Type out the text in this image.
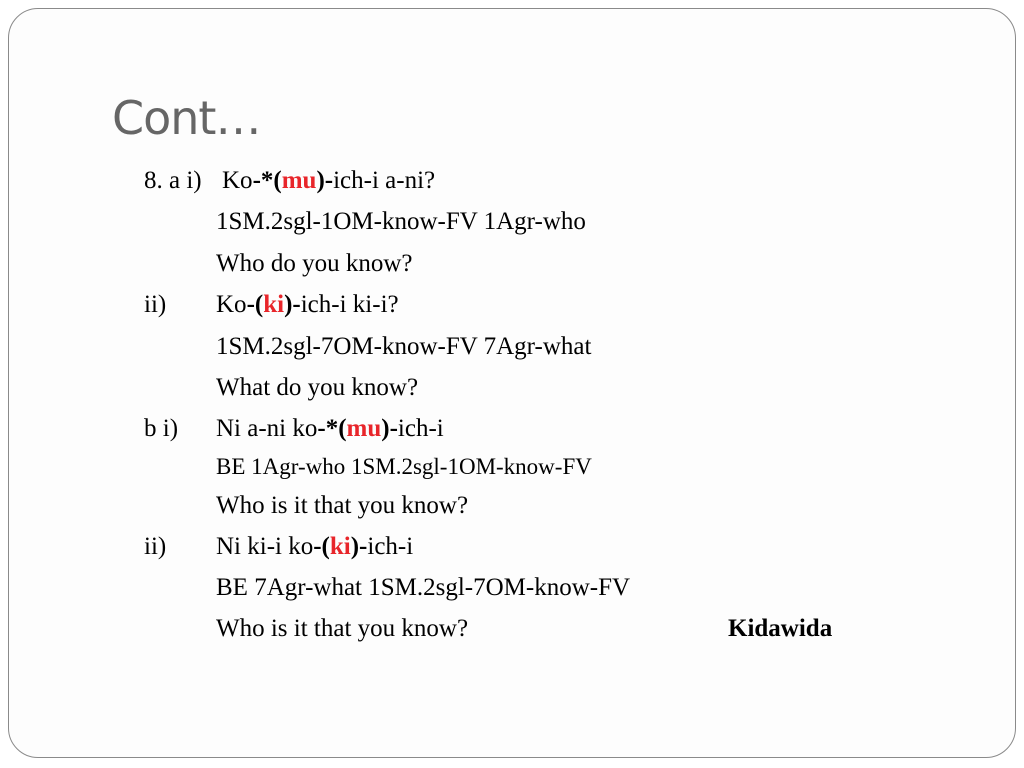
Cont…
8. a i) Ko-*(mu)-ich-i a-ni?
1SM.2sgl-1OM-know-FV 1Agr-who
Who do you know?
ii) Ko-(ki)-ich-i ki-i?
1SM.2sgl-7OM-know-FV 7Agr-what
What do you know?
b i) Ni a-ni ko-*(mu)-ich-i
BE 1Agr-who 1SM.2sgl-1OM-know-FV
Who is it that you know?
ii) Ni ki-i ko-(ki)-ich-i
BE 7Agr-what 1SM.2sgl-7OM-know-FV
Who is it that you know?	Kidawida
